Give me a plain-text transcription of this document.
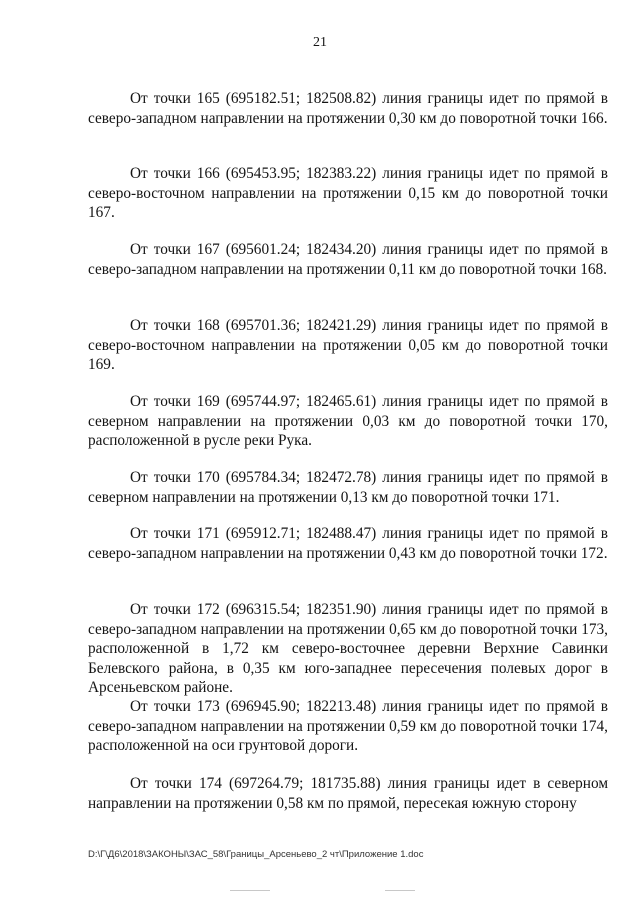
21

От точки 165 (695182.51; 182508.82) линия границы идет по прямой в северо-западном направлении на протяжении 0,30 км до поворотной точки 166.

От точки 166 (695453.95; 182383.22) линия границы идет по прямой в северо-восточном направлении на протяжении 0,15 км до поворотной точки 167.

От точки 167 (695601.24; 182434.20) линия границы идет по прямой в северо-западном направлении на протяжении 0,11 км до поворотной точки 168.

От точки 168 (695701.36; 182421.29) линия границы идет по прямой в северо-восточном направлении на протяжении 0,05 км до поворотной точки 169.

От точки 169 (695744.97; 182465.61) линия границы идет по прямой в северном направлении на протяжении 0,03 км до поворотной точки 170, расположенной в русле реки Рука.

От точки 170 (695784.34; 182472.78) линия границы идет по прямой в северном направлении на протяжении 0,13 км до поворотной точки 171.

От точки 171 (695912.71; 182488.47) линия границы идет по прямой в северо-западном направлении на протяжении 0,43 км до поворотной точки 172.

От точки 172 (696315.54; 182351.90) линия границы идет по прямой в северо-западном направлении на протяжении 0,65 км до поворотной точки 173, расположенной в 1,72 км северо-восточнее деревни Верхние Савинки Белевского района, в 0,35 км юго-западнее пересечения полевых дорог в Арсеньевском районе.

От точки 173 (696945.90; 182213.48) линия границы идет по прямой в северо-западном направлении на протяжении 0,59 км до поворотной точки 174, расположенной на оси грунтовой дороги.

От точки 174 (697264.79; 181735.88) линия границы идет в северном направлении на протяжении 0,58 км по прямой, пересекая южную сторону

D:\Г\Д6\2018\ЗАКОНЫ\ЗАС_58\Границы_Арсеньево_2 чт\Приложение 1.doc
